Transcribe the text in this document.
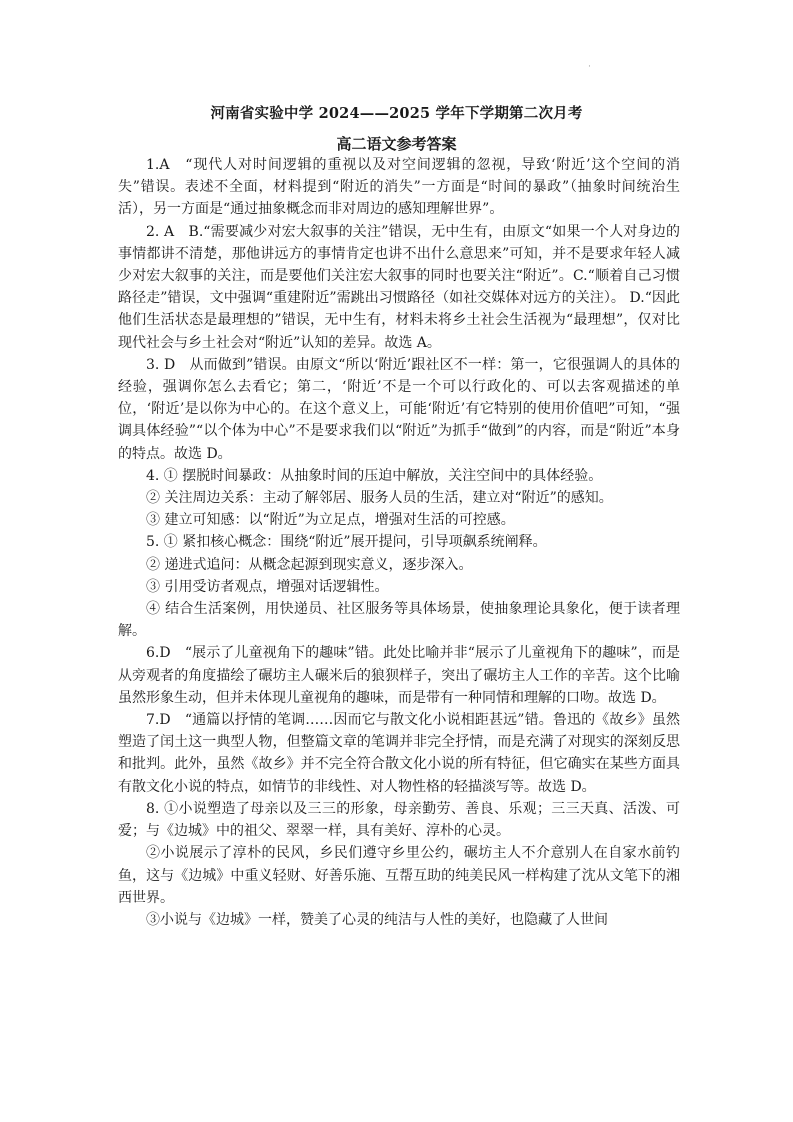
·
河南省实验中学 2024——2025 学年下学期第二次月考
高二语文参考答案

1.A　“现代人对时间逻辑的重视以及对空间逻辑的忽视，导致‘附近’这个空间的消失”错误。表述不全面，材料提到“附近的消失”一方面是“时间的暴政”（抽象时间统治生活），另一方面是“通过抽象概念而非对周边的感知理解世界”。

2. A　B.“需要减少对宏大叙事的关注”错误，无中生有，由原文“如果一个人对身边的事情都讲不清楚，那他讲远方的事情肯定也讲不出什么意思来”可知，并不是要求年轻人减少对宏大叙事的关注，而是要他们关注宏大叙事的同时也要关注“附近”。C.“顺着自己习惯路径走”错误，文中强调“重建附近”需跳出习惯路径（如社交媒体对远方的关注）。 D.“因此他们生活状态是最理想的”错误，无中生有，材料未将乡土社会生活视为“最理想”，仅对比现代社会与乡土社会对“附近”认知的差异。故选 A。

3. D　从而做到”错误。由原文“所以‘附近’跟社区不一样：第一，它很强调人的具体的经验，强调你怎么去看它；第二，‘附近’不是一个可以行政化的、可以去客观描述的单位，‘附近’是以你为中心的。在这个意义上，可能‘附近’有它特别的使用价值吧”可知，“强调具体经验”“以个体为中心”不是要求我们以“附近”为抓手“做到”的内容，而是“附近”本身的特点。故选 D。

4. ① 摆脱时间暴政：从抽象时间的压迫中解放，关注空间中的具体经验。

② 关注周边关系：主动了解邻居、服务人员的生活，建立对“附近”的感知。

③ 建立可知感：以“附近”为立足点，增强对生活的可控感。

5. ① 紧扣核心概念：围绕“附近”展开提问，引导项飙系统阐释。

② 递进式追问：从概念起源到现实意义，逐步深入。

③ 引用受访者观点，增强对话逻辑性。

④ 结合生活案例，用快递员、社区服务等具体场景，使抽象理论具象化，便于读者理解。

6.D　“展示了儿童视角下的趣味”错。此处比喻并非“展示了儿童视角下的趣味”，而是从旁观者的角度描绘了碾坊主人碾米后的狼狈样子，突出了碾坊主人工作的辛苦。这个比喻虽然形象生动，但并未体现儿童视角的趣味，而是带有一种同情和理解的口吻。故选 D。

7.D　“通篇以抒情的笔调……因而它与散文化小说相距甚远”错。鲁迅的《故乡》虽然塑造了闰土这一典型人物，但整篇文章的笔调并非完全抒情，而是充满了对现实的深刻反思和批判。此外，虽然《故乡》并不完全符合散文化小说的所有特征，但它确实在某些方面具有散文化小说的特点，如情节的非线性、对人物性格的轻描淡写等。故选 D。

8. ①小说塑造了母亲以及三三的形象，母亲勤劳、善良、乐观；三三天真、活泼、可爱；与《边城》中的祖父、翠翠一样，具有美好、淳朴的心灵。

②小说展示了淳朴的民风，乡民们遵守乡里公约，碾坊主人不介意别人在自家水前钓鱼，这与《边城》中重义轻财、好善乐施、互帮互助的纯美民风一样构建了沈从文笔下的湘西世界。

③小说与《边城》一样，赞美了心灵的纯洁与人性的美好，也隐藏了人世间
